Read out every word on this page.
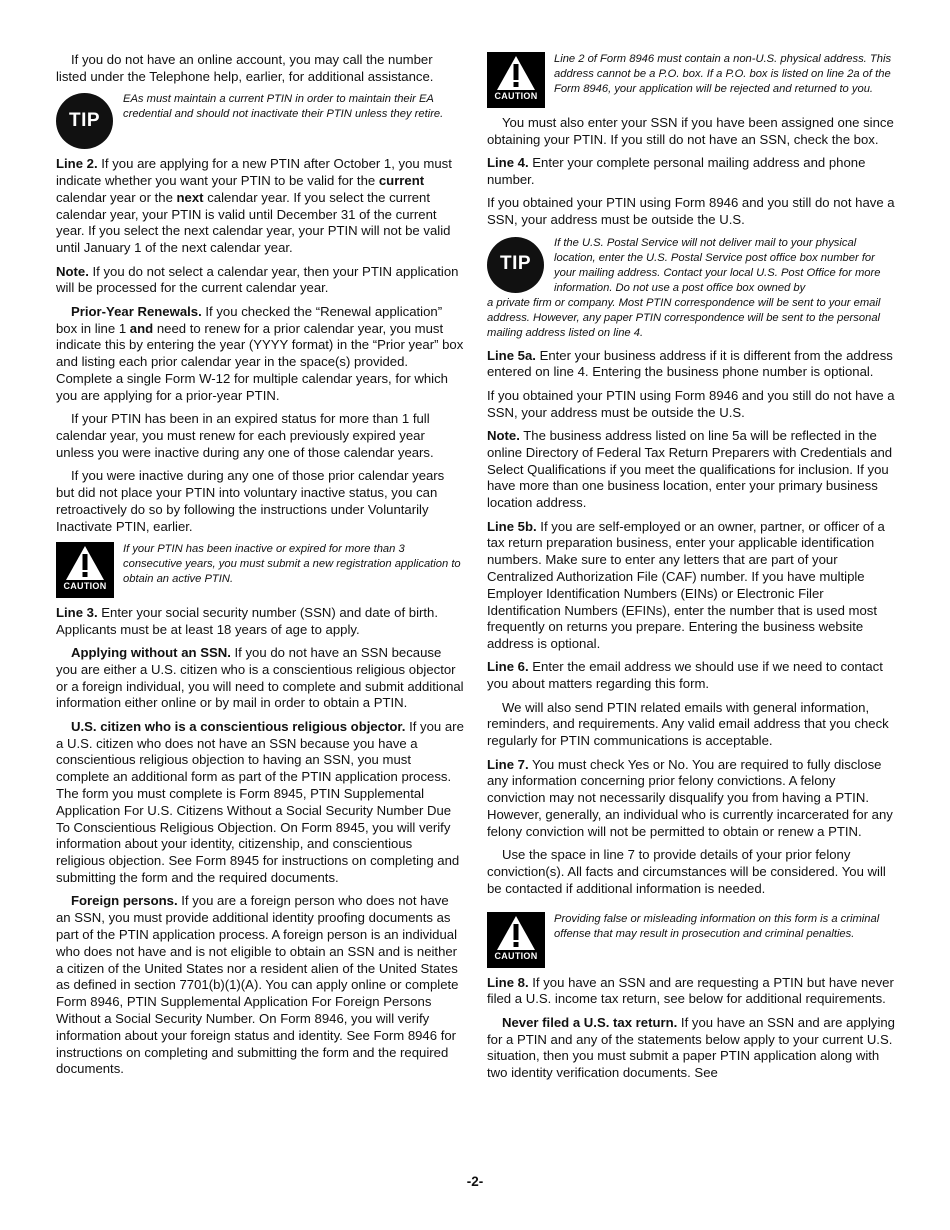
If you do not have an online account, you may call the number listed under the Telephone help, earlier, for additional assistance.

TIP
EAs must maintain a current PTIN in order to maintain their EA credential and should not inactivate their PTIN unless they retire.

Line 2. If you are applying for a new PTIN after October 1, you must indicate whether you want your PTIN to be valid for the current calendar year or the next calendar year. If you select the current calendar year, your PTIN is valid until December 31 of the current year. If you select the next calendar year, your PTIN will not be valid until January 1 of the next calendar year.

Note. If you do not select a calendar year, then your PTIN application will be processed for the current calendar year.

Prior-Year Renewals. If you checked the “Renewal application” box in line 1 and need to renew for a prior calendar year, you must indicate this by entering the year (YYYY format) in the “Prior year” box and listing each prior calendar year in the space(s) provided. Complete a single Form W-12 for multiple calendar years, for which you are applying for a prior-year PTIN.

If your PTIN has been in an expired status for more than 1 full calendar year, you must renew for each previously expired year unless you were inactive during any one of those calendar years.

If you were inactive during any one of those prior calendar years but did not place your PTIN into voluntary inactive status, you can retroactively do so by following the instructions under Voluntarily Inactivate PTIN, earlier.

CAUTION
If your PTIN has been inactive or expired for more than 3 consecutive years, you must submit a new registration application to obtain an active PTIN.

Line 3. Enter your social security number (SSN) and date of birth. Applicants must be at least 18 years of age to apply.

Applying without an SSN. If you do not have an SSN because you are either a U.S. citizen who is a conscientious religious objector or a foreign individual, you will need to complete and submit additional information either online or by mail in order to obtain a PTIN.

U.S. citizen who is a conscientious religious objector. If you are a U.S. citizen who does not have an SSN because you have a conscientious religious objection to having an SSN, you must complete an additional form as part of the PTIN application process. The form you must complete is Form 8945, PTIN Supplemental Application For U.S. Citizens Without a Social Security Number Due To Conscientious Religious Objection. On Form 8945, you will verify information about your identity, citizenship, and conscientious religious objection. See Form 8945 for instructions on completing and submitting the form and the required documents.

Foreign persons. If you are a foreign person who does not have an SSN, you must provide additional identity proofing documents as part of the PTIN application process. A foreign person is an individual who does not have and is not eligible to obtain an SSN and is neither a citizen of the United States nor a resident alien of the United States as defined in section 7701(b)(1)(A). You can apply online or complete Form 8946, PTIN Supplemental Application For Foreign Persons Without a Social Security Number. On Form 8946, you will verify information about your foreign status and identity. See Form 8946 for instructions on completing and submitting the form and the required documents.

CAUTION
Line 2 of Form 8946 must contain a non-U.S. physical address. This address cannot be a P.O. box. If a P.O. box is listed on line 2a of the Form 8946, your application will be rejected and returned to you.

You must also enter your SSN if you have been assigned one since obtaining your PTIN. If you still do not have an SSN, check the box.

Line 4. Enter your complete personal mailing address and phone number.

If you obtained your PTIN using Form 8946 and you still do not have a SSN, your address must be outside the U.S.

TIP
If the U.S. Postal Service will not deliver mail to your physical location, enter the U.S. Postal Service post office box number for your mailing address. Contact your local U.S. Post Office for more information. Do not use a post office box owned by
a private firm or company. Most PTIN correspondence will be sent to your email address. However, any paper PTIN correspondence will be sent to the personal mailing address listed on line 4.

Line 5a. Enter your business address if it is different from the address entered on line 4. Entering the business phone number is optional.

If you obtained your PTIN using Form 8946 and you still do not have a SSN, your address must be outside the U.S.

Note. The business address listed on line 5a will be reflected in the online Directory of Federal Tax Return Preparers with Credentials and Select Qualifications if you meet the qualifications for inclusion. If you have more than one business location, enter your primary business location address.

Line 5b. If you are self-employed or an owner, partner, or officer of a tax return preparation business, enter your applicable identification numbers. Make sure to enter any letters that are part of your Centralized Authorization File (CAF) number. If you have multiple Employer Identification Numbers (EINs) or Electronic Filer Identification Numbers (EFINs), enter the number that is used most frequently on returns you prepare. Entering the business website address is optional.

Line 6. Enter the email address we should use if we need to contact you about matters regarding this form.

We will also send PTIN related emails with general information, reminders, and requirements. Any valid email address that you check regularly for PTIN communications is acceptable.

Line 7. You must check Yes or No. You are required to fully disclose any information concerning prior felony convictions. A felony conviction may not necessarily disqualify you from having a PTIN. However, generally, an individual who is currently incarcerated for any felony conviction will not be permitted to obtain or renew a PTIN.

Use the space in line 7 to provide details of your prior felony conviction(s). All facts and circumstances will be considered. You will be contacted if additional information is needed.

CAUTION
Providing false or misleading information on this form is a criminal offense that may result in prosecution and criminal penalties.

Line 8. If you have an SSN and are requesting a PTIN but have never filed a U.S. income tax return, see below for additional requirements.

Never filed a U.S. tax return. If you have an SSN and are applying for a PTIN and any of the statements below apply to your current U.S. situation, then you must submit a paper PTIN application along with two identity verification documents. See

-2-
